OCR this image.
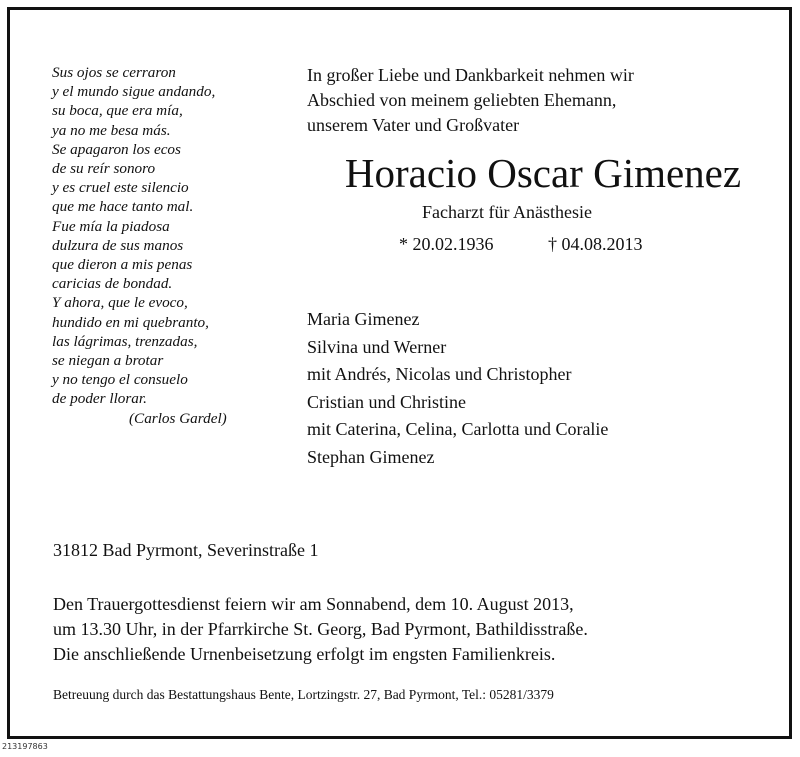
Sus ojos se cerraron
y el mundo sigue andando,
su boca, que era mía,
ya no me besa más.
Se apagaron los ecos
de su reír sonoro
y es cruel este silencio
que me hace tanto mal.
Fue mía la piadosa
dulzura de sus manos
que dieron a mis penas
caricias de bondad.
Y ahora, que le evoco,
hundido en mi quebranto,
las lágrimas, trenzadas,
se niegan a brotar
y no tengo el consuelo
de poder llorar.
(Carlos Gardel)
In großer Liebe und Dankbarkeit nehmen wir
Abschied von meinem geliebten Ehemann,
unserem Vater und Großvater
Horacio Oscar Gimenez
Facharzt für Anästhesie
* 20.02.1936	† 04.08.2013
Maria Gimenez
Silvina und Werner
mit Andrés, Nicolas und Christopher
Cristian und Christine
mit Caterina, Celina, Carlotta und Coralie
Stephan Gimenez
31812 Bad Pyrmont, Severinstraße 1
Den Trauergottesdienst feiern wir am Sonnabend, dem 10. August 2013,
um 13.30 Uhr, in der Pfarrkirche St. Georg, Bad Pyrmont, Bathildisstraße.
Die anschließende Urnenbeisetzung erfolgt im engsten Familienkreis.
Betreuung durch das Bestattungshaus Bente, Lortzingstr. 27, Bad Pyrmont, Tel.: 05281/3379
213197863
